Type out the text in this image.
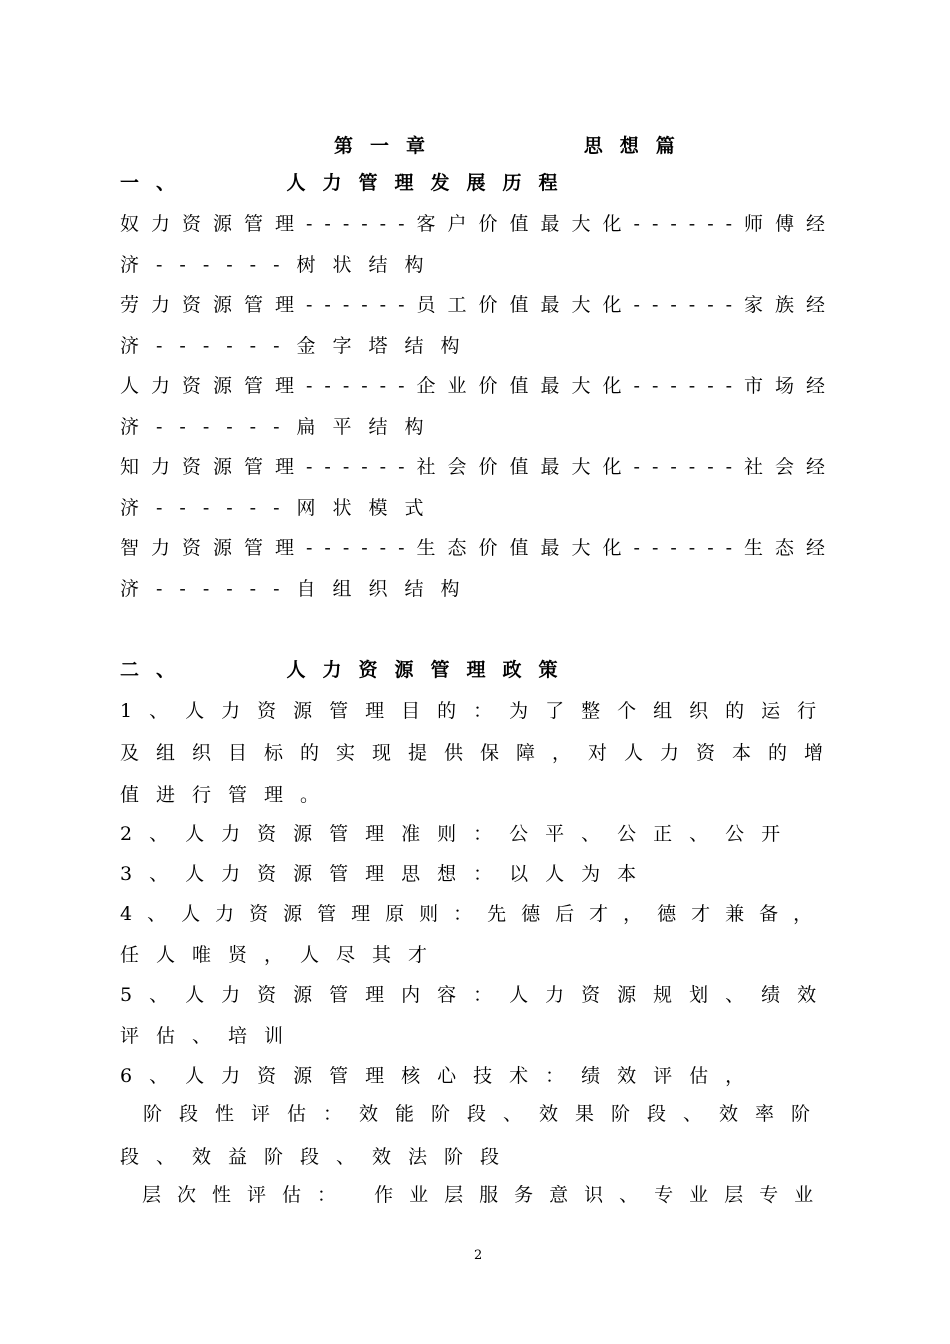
第一章      思想篇
一、    人力管理发展历程
奴力资源管理------客户价值最大化------师傅经
济------树状结构
劳力资源管理------员工价值最大化------家族经
济------金字塔结构
人力资源管理------企业价值最大化------市场经
济------扁平结构
知力资源管理------社会价值最大化------社会经
济------网状模式
智力资源管理------生态价值最大化------生态经
济------自组织结构
二、    人力资源管理政策
1、人力资源管理目的：为了整个组织的运行
及组织目标的实现提供保障，对人力资本的增
值进行管理。
2、人力资源管理准则：公平、公正、公开
3、人力资源管理思想：以人为本
4、人力资源管理原则：先德后才，德才兼备，
任人唯贤，人尽其才
5、人力资源管理内容：人力资源规划、绩效
评估、培训
6、人力资源管理核心技术：绩效评估，
阶段性评估：效能阶段、效果阶段、效率阶
段、效益阶段、效法阶段
层次性评估： 作业层服务意识、专业层专业
2
